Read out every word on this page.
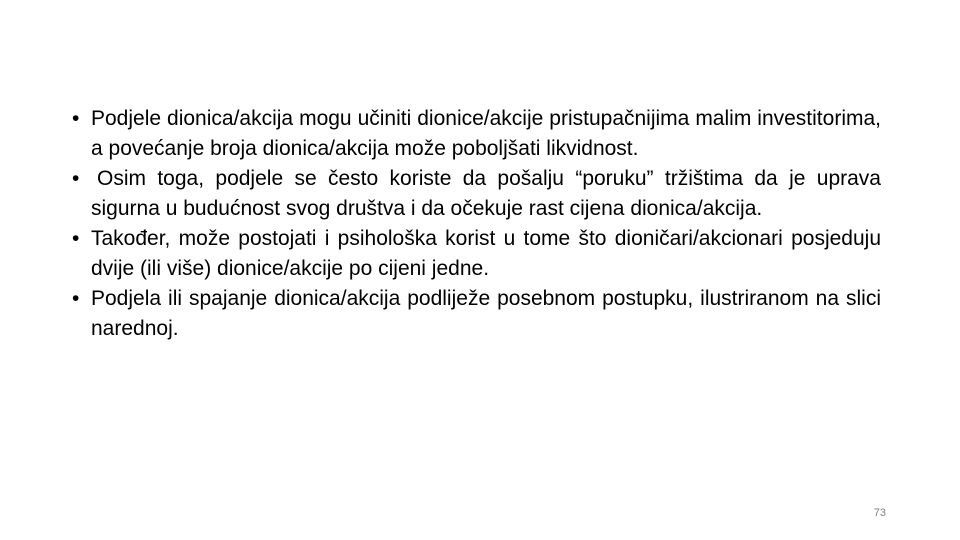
• Podjele dionica/akcija mogu učiniti dionice/akcije pristupačnijima malim investitorima, a povećanje broja dionica/akcija može poboljšati likvidnost.
• Osim toga, podjele se često koriste da pošalju “poruku” tržištima da je uprava sigurna u budućnost svog društva i da očekuje rast cijena dionica/akcija.
• Također, može postojati i psihološka korist u tome što dioničari/akcionari posjeduju dvije (ili više) dionice/akcije po cijeni jedne.
• Podjela ili spajanje dionica/akcija podliježe posebnom postupku, ilustriranom na slici narednoj.
73
